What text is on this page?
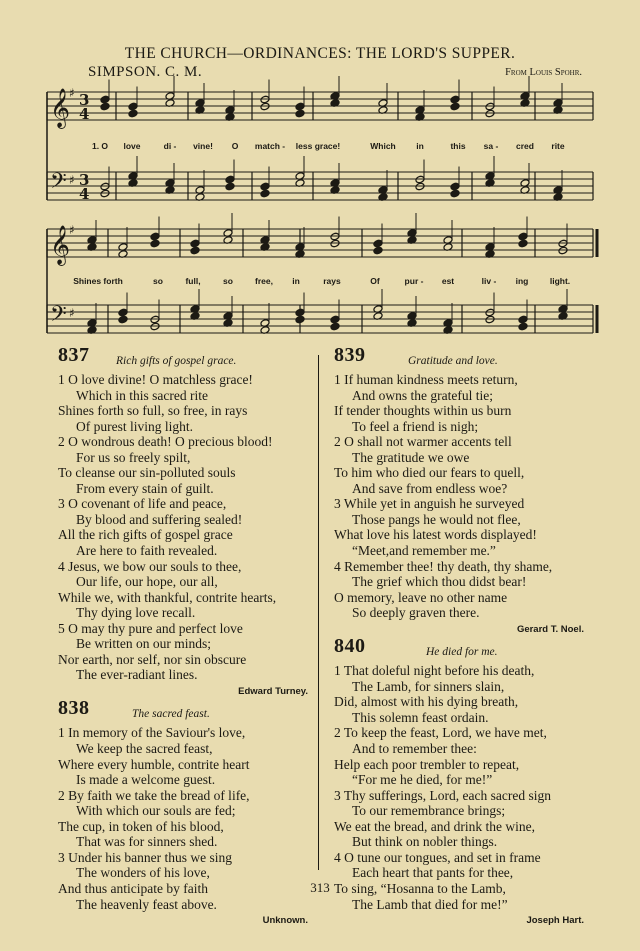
THE CHURCH—ORDINANCES: THE LORD'S SUPPER.
SIMPSON. C. M.	From Louis Spohr.
𝄞
♯ 3
4
𝄢 ♯ 3
4
𝄞
♯
𝄢 ♯
1. O love	di - vine! O match - less grace!	Which in	this sa - cred rite
Shines forth	so	full,	so	free, in	rays	Of	pur - est	liv - ing	light.
837 Rich gifts of gospel grace.
1 O love divine! O matchless grace!
Which in this sacred rite
Shines forth so full, so free, in rays
Of purest living light.
2 O wondrous death! O precious blood!
For us so freely spilt,
To cleanse our sin-polluted souls
From every stain of guilt.
3 O covenant of life and peace,
By blood and suffering sealed!
All the rich gifts of gospel grace
Are here to faith revealed.
4 Jesus, we bow our souls to thee,
Our life, our hope, our all,
While we, with thankful, contrite hearts,
Thy dying love recall.
5 O may thy pure and perfect love
Be written on our minds;
Nor earth, nor self, nor sin obscure
The ever-radiant lines.
Edward Turney.
838	The sacred feast.
1 In memory of the Saviour's love,
We keep the sacred feast,
Where every humble, contrite heart
Is made a welcome guest.
2 By faith we take the bread of life,
With which our souls are fed;
The cup, in token of his blood,
That was for sinners shed.
3 Under his banner thus we sing
The wonders of his love,
And thus anticipate by faith
The heavenly feast above.
Unknown.
839	Gratitude and love.
1 If human kindness meets return,
And owns the grateful tie;
If tender thoughts within us burn
To feel a friend is nigh;
2 O shall not warmer accents tell
The gratitude we owe
To him who died our fears to quell,
And save from endless woe?
3 While yet in anguish he surveyed
Those pangs he would not flee,
What love his latest words displayed!
“Meet,and remember me.”
4 Remember thee! thy death, thy shame,
The grief which thou didst bear!
O memory, leave no other name
So deeply graven there.
Gerard T. Noel.
840	He died for me.
1 That doleful night before his death,
The Lamb, for sinners slain,
Did, almost with his dying breath,
This solemn feast ordain.
2 To keep the feast, Lord, we have met,
And to remember thee:
Help each poor trembler to repeat,
“For me he died, for me!”
3 Thy sufferings, Lord, each sacred sign
To our remembrance brings;
We eat the bread, and drink the wine,
But think on nobler things.
4 O tune our tongues, and set in frame
Each heart that pants for thee,
To sing, “Hosanna to the Lamb,
The Lamb that died for me!”
Joseph Hart.
313
